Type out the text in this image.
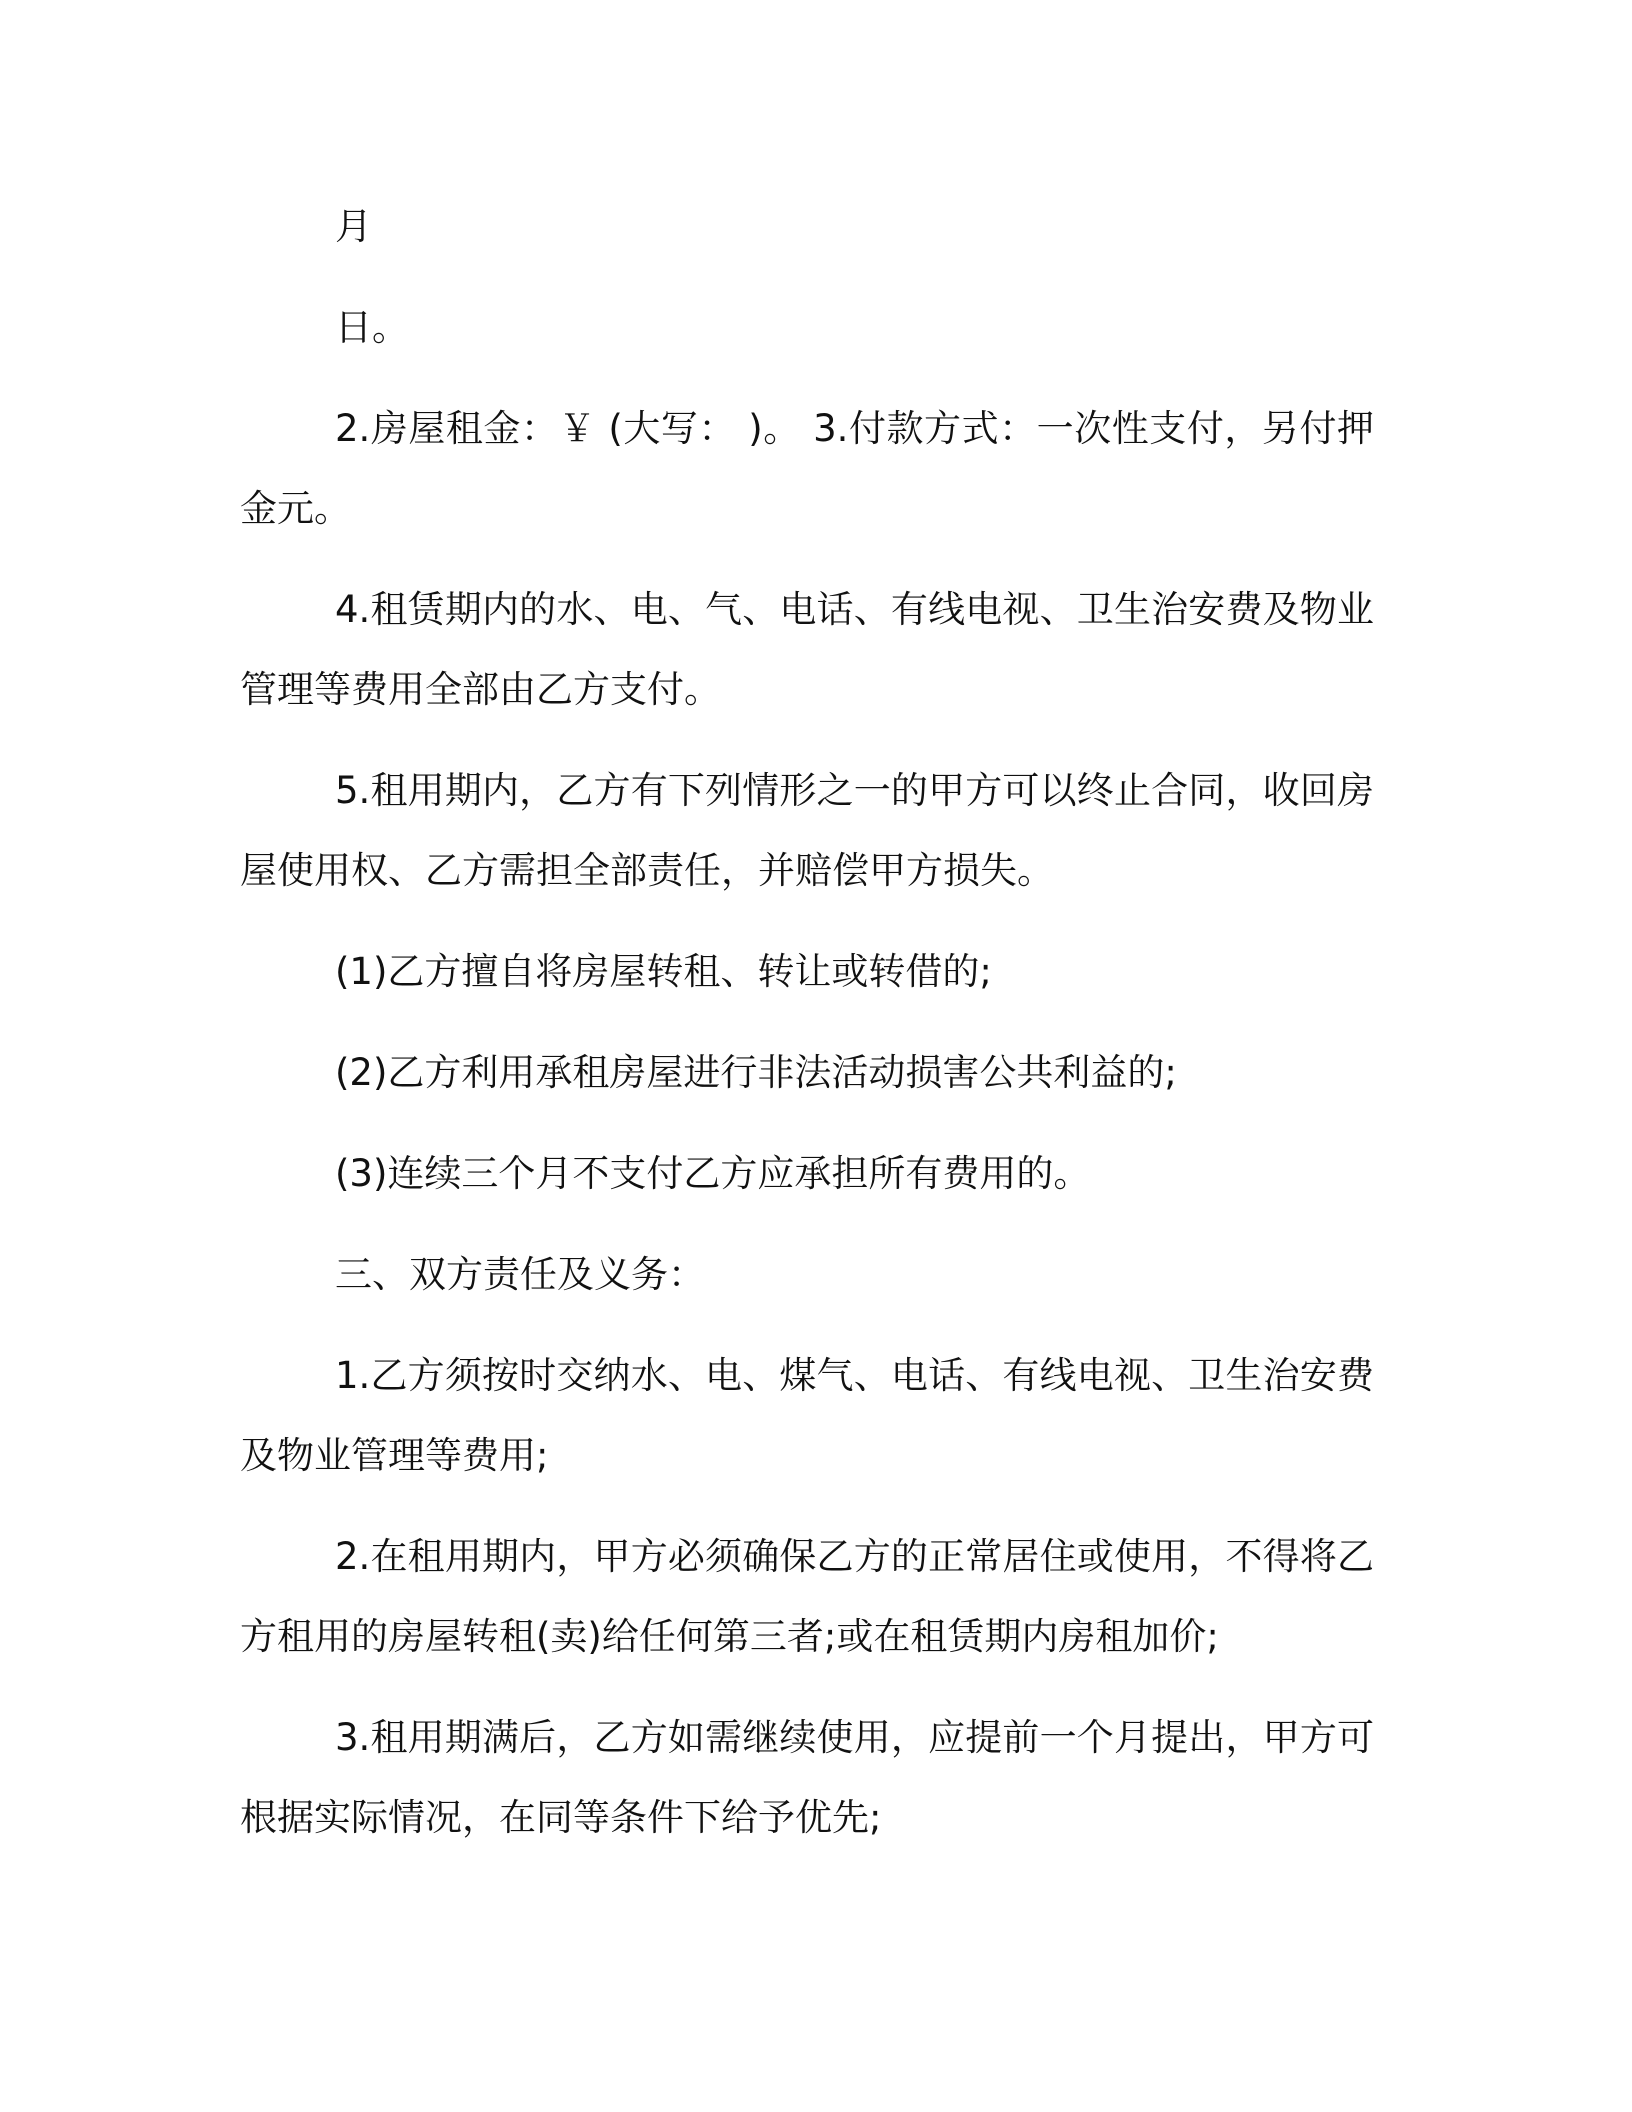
月

日。

2.房屋租金：￥ (大写： )。 3.付款方式：一次性支付，另付押金元。

4.租赁期内的水、电、气、电话、有线电视、卫生治安费及物业管理等费用全部由乙方支付。

5.租用期内，乙方有下列情形之一的甲方可以终止合同，收回房屋使用权、乙方需担全部责任，并赔偿甲方损失。

(1)乙方擅自将房屋转租、转让或转借的;

(2)乙方利用承租房屋进行非法活动损害公共利益的;

(3)连续三个月不支付乙方应承担所有费用的。

三、双方责任及义务：

1.乙方须按时交纳水、电、煤气、电话、有线电视、卫生治安费及物业管理等费用;

2.在租用期内，甲方必须确保乙方的正常居住或使用，不得将乙方租用的房屋转租(卖)给任何第三者;或在租赁期内房租加价;

3.租用期满后，乙方如需继续使用，应提前一个月提出，甲方可根据实际情况，在同等条件下给予优先;
